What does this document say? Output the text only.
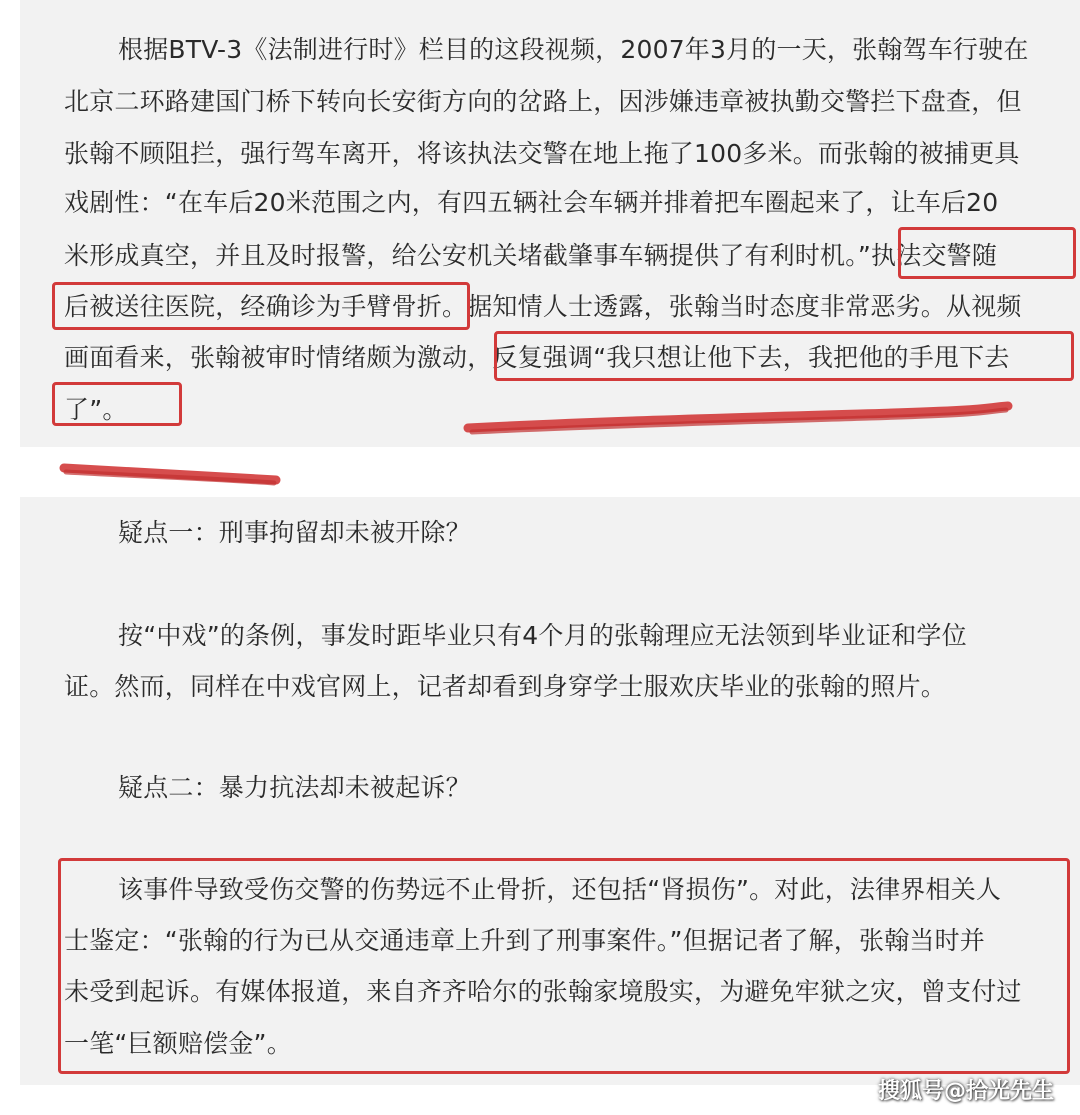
根据BTV-3《法制进行时》栏目的这段视频，2007年3月的一天，张翰驾车行驶在
北京二环路建国门桥下转向长安街方向的岔路上，因涉嫌违章被执勤交警拦下盘查，但
张翰不顾阻拦，强行驾车离开，将该执法交警在地上拖了100多米。而张翰的被捕更具
戏剧性：“在车后20米范围之内，有四五辆社会车辆并排着把车圈起来了，让车后20
米形成真空，并且及时报警，给公安机关堵截肇事车辆提供了有利时机。”执法交警随
后被送往医院，经确诊为手臂骨折。据知情人士透露，张翰当时态度非常恶劣。从视频
画面看来，张翰被审时情绪颇为激动，反复强调“我只想让他下去，我把他的手甩下去
了”。
疑点一：刑事拘留却未被开除？
按“中戏”的条例，事发时距毕业只有4个月的张翰理应无法领到毕业证和学位
证。然而，同样在中戏官网上，记者却看到身穿学士服欢庆毕业的张翰的照片。
疑点二：暴力抗法却未被起诉？
该事件导致受伤交警的伤势远不止骨折，还包括“肾损伤”。对此，法律界相关人
士鉴定：“张翰的行为已从交通违章上升到了刑事案件。”但据记者了解，张翰当时并
未受到起诉。有媒体报道，来自齐齐哈尔的张翰家境殷实，为避免牢狱之灾，曾支付过
一笔“巨额赔偿金”。
搜狐号@拾光先生
